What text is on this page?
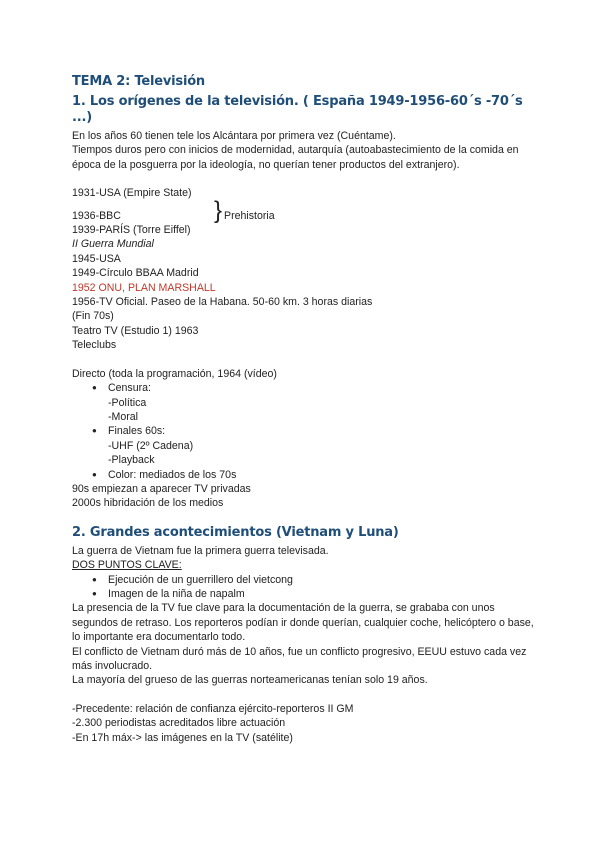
TEMA 2: Televisión
1. Los orígenes de la televisión. ( España 1949-1956-60´s -70´s ...)

En los años 60 tienen tele los Alcántara por primera vez (Cuéntame).

Tiempos duros pero con inicios de modernidad, autarquía (autoabastecimiento de la comida en época de la posguerra por la ideología, no querían tener productos del extranjero).

1931-USA (Empire State)

1936-BBC	} Prehistoria

1939-PARÍS (Torre Eiffel)

II Guerra Mundial

1945-USA

1949-Círculo BBAA Madrid

1952 ONU, PLAN MARSHALL

1956-TV Oficial. Paseo de la Habana. 50-60 km. 3 horas diarias

(Fin 70s)

Teatro TV (Estudio 1) 1963

Teleclubs

Directo (toda la programación, 1964 (vídeo)

● Censura:
-Política
-Moral
● Finales 60s:
-UHF (2º Cadena)
-Playback
● Color: mediados de los 70s

90s empiezan a aparecer TV privadas

2000s hibridación de los medios

2. Grandes acontecimientos (Vietnam y Luna)

La guerra de Vietnam fue la primera guerra televisada.

DOS PUNTOS CLAVE:

● Ejecución de un guerrillero del vietcong
● Imagen de la niña de napalm

La presencia de la TV fue clave para la documentación de la guerra, se grababa con unos segundos de retraso. Los reporteros podían ir donde querían, cualquier coche, helicóptero o base, lo importante era documentarlo todo.

El conflicto de Vietnam duró más de 10 años, fue un conflicto progresivo, EEUU estuvo cada vez más involucrado.

La mayoría del grueso de las guerras norteamericanas tenían solo 19 años.

-Precedente: relación de confianza ejército-reporteros II GM

-2.300 periodistas acreditados libre actuación

-En 17h máx-> las imágenes en la TV (satélite)
